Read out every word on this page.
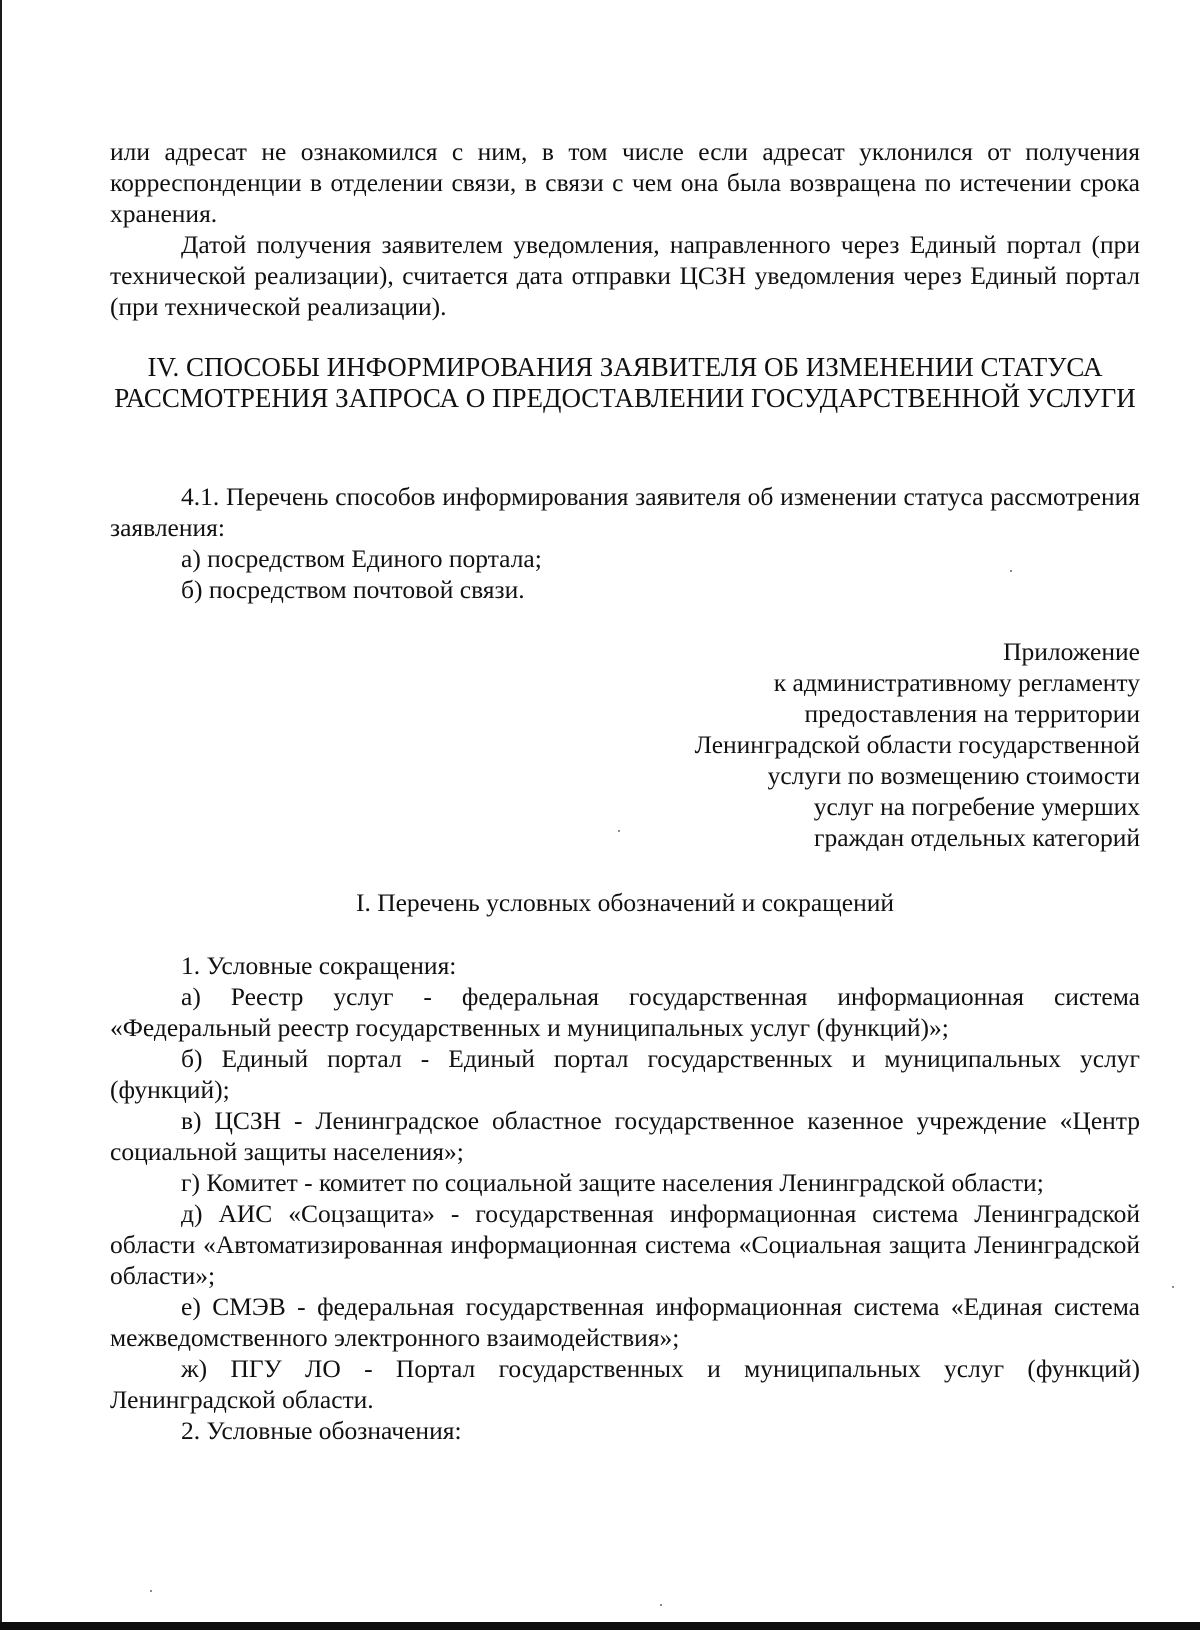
или адресат не ознакомился с ним, в том числе если адресат уклонился от получения корреспонденции в отделении связи, в связи с чем она была возвращена по истечении срока хранения.

Датой получения заявителем уведомления, направленного через Единый портал (при технической реализации), считается дата отправки ЦСЗН уведомления через Единый портал (при технической реализации).

IV. СПОСОБЫ ИНФОРМИРОВАНИЯ ЗАЯВИТЕЛЯ ОБ ИЗМЕНЕНИИ СТАТУСА РАССМОТРЕНИЯ ЗАПРОСА О ПРЕДОСТАВЛЕНИИ ГОСУДАРСТВЕННОЙ УСЛУГИ

4.1. Перечень способов информирования заявителя об изменении статуса рассмотрения заявления:

а) посредством Единого портала;

б) посредством почтовой связи.

Приложение
к административному регламенту
предоставления на территории
Ленинградской области государственной
услуги по возмещению стоимости
услуг на погребение умерших
граждан отдельных категорий

I. Перечень условных обозначений и сокращений

1. Условные сокращения:

а) Реестр услуг - федеральная государственная информационная система «Федеральный реестр государственных и муниципальных услуг (функций)»;

б) Единый портал - Единый портал государственных и муниципальных услуг (функций);

в) ЦСЗН - Ленинградское областное государственное казенное учреждение «Центр социальной защиты населения»;

г) Комитет - комитет по социальной защите населения Ленинградской области;

д) АИС «Соцзащита» - государственная информационная система Ленинградской области «Автоматизированная информационная система «Социальная защита Ленинградской области»;

е) СМЭВ - федеральная государственная информационная система «Единая система межведомственного электронного взаимодействия»;

ж) ПГУ ЛО - Портал государственных и муниципальных услуг (функций) Ленинградской области.

2. Условные обозначения:
